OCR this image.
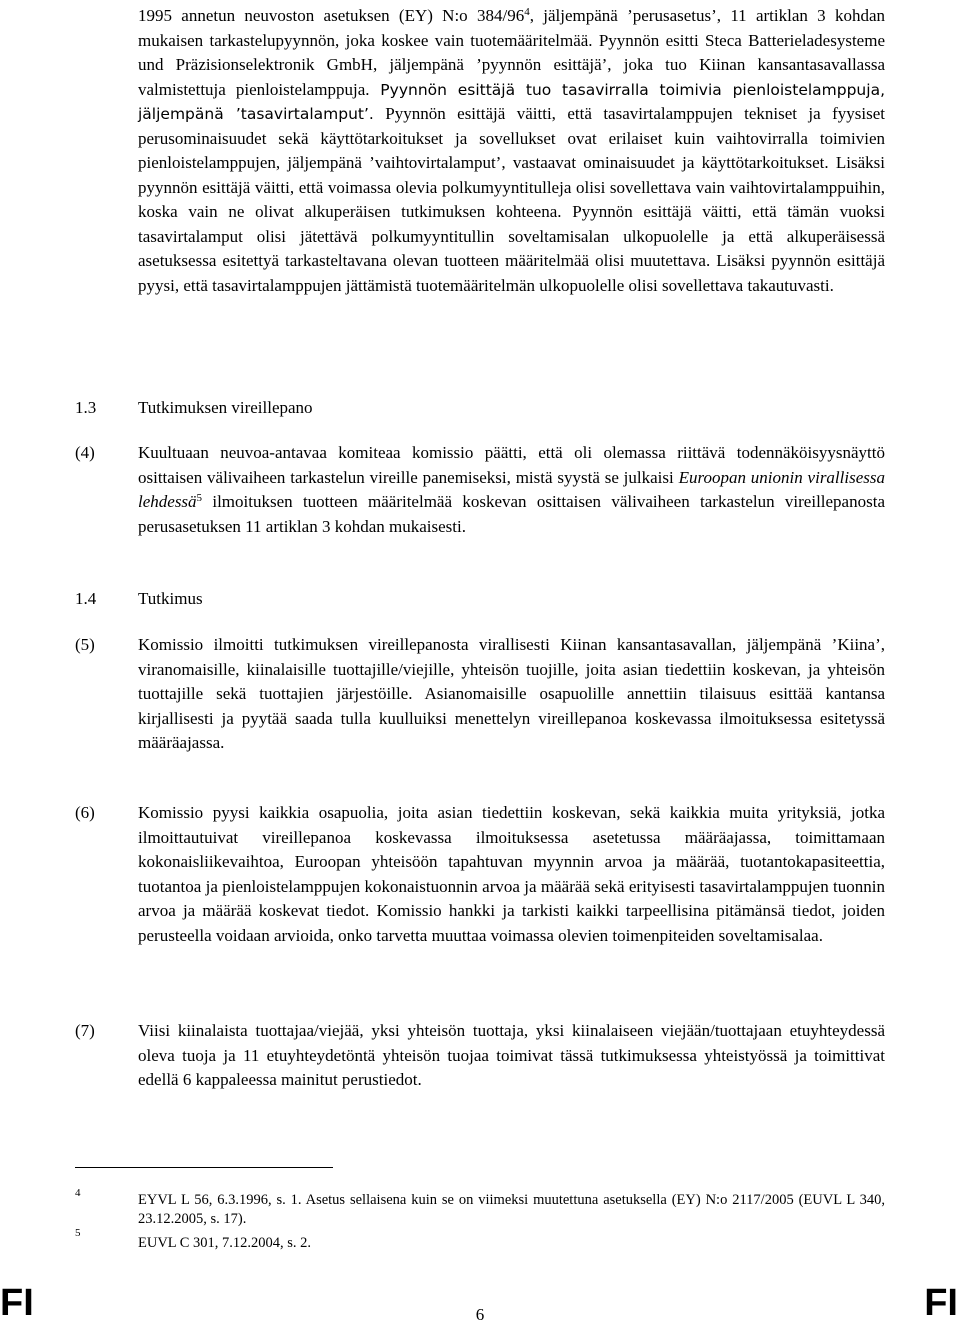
1995 annetun neuvoston asetuksen (EY) N:o $384/96^4$, jäljempänä ’perusasetus’, 11 artiklan 3 kohdan mukaisen tarkastelupyynnön, joka koskee vain tuotemääritelmää. Pyynnön esitti Steca Batterieladesysteme und Präzisionselektronik GmbH, jäljempänä ’pyynnön esittäjä’, joka tuo Kiinan kansantasavallassa valmistettuja pienloistelamppuja. Pyynnön esittäjä tuo tasavirralla toimivia pienloistelamppuja, jäljempänä ’tasavirtalamput’. Pyynnön esittäjä väitti, että tasavirtalamppujen tekniset ja fyysiset perusominaisuudet sekä käyttötarkoitukset ja sovellukset ovat erilaiset kuin vaihtovirralla toimivien pienloistelamppujen, jäljempänä ’vaihtovirtalamput’, vastaavat ominaisuudet ja käyttötarkoitukset. Lisäksi pyynnön esittäjä väitti, että voimassa olevia polkumyyntitulleja olisi sovellettava vain vaihtovirtalamppuihin, koska vain ne olivat alkuperäisen tutkimuksen kohteena. Pyynnön esittäjä väitti, että tämän vuoksi tasavirtalamput olisi jätettävä polkumyyntitullin soveltamisalan ulkopuolelle ja että alkuperäisessä asetuksessa esitettyä tarkasteltavana olevan tuotteen määritelmää olisi muutettava. Lisäksi pyynnön esittäjä pyysi, että tasavirtalamppujen jättämistä tuotemääritelmän ulkopuolelle olisi sovellettava takautuvasti.

1.3 Tutkimuksen vireillepano
(4)	Kuultuaan neuvoa-antavaa komiteaa komissio päätti, että oli olemassa riittävä todennäköisyysnäyttö osittaisen välivaiheen tarkastelun vireille panemiseksi, mistä syystä se julkaisi Euroopan unionin virallisessa lehdessä$^5$ ilmoituksen tuotteen määritelmää koskevan osittaisen välivaiheen tarkastelun vireillepanosta perusasetuksen 11 artiklan 3 kohdan mukaisesti.

1.4 Tutkimus
(5)	Komissio ilmoitti tutkimuksen vireillepanosta virallisesti Kiinan kansantasavallan, jäljempänä ’Kiina’, viranomaisille, kiinalaisille tuottajille/viejille, yhteisön tuojille, joita asian tiedettiin koskevan, ja yhteisön tuottajille sekä tuottajien järjestöille. Asianomaisille osapuolille annettiin tilaisuus esittää kantansa kirjallisesti ja pyytää saada tulla kuulluiksi menettelyn vireillepanoa koskevassa ilmoituksessa esitetyssä määräajassa.

(6)	Komissio pyysi kaikkia osapuolia, joita asian tiedettiin koskevan, sekä kaikkia muita yrityksiä, jotka ilmoittautuivat vireillepanoa koskevassa ilmoituksessa asetetussa määräajassa, toimittamaan kokonaisliikevaihtoa, Euroopan yhteisöön tapahtuvan myynnin arvoa ja määrää, tuotantokapasiteettia, tuotantoa ja pienloistelamppujen kokonaistuonnin arvoa ja määrää sekä erityisesti tasavirtalamppujen tuonnin arvoa ja määrää koskevat tiedot. Komissio hankki ja tarkisti kaikki tarpeellisina pitämänsä tiedot, joiden perusteella voidaan arvioida, onko tarvetta muuttaa voimassa olevien toimenpiteiden soveltamisalaa.

(7)	Viisi kiinalaista tuottajaa/viejää, yksi yhteisön tuottaja, yksi kiinalaiseen viejään/tuottajaan etuyhteydessä oleva tuoja ja 11 etuyhteydetöntä yhteisön tuojaa toimivat tässä tutkimuksessa yhteistyössä ja toimittivat edellä 6 kappaleessa mainitut perustiedot.

4	EYVL L 56, 6.3.1996, s. 1. Asetus sellaisena kuin se on viimeksi muutettuna asetuksella (EY) N:o 2117/2005 (EUVL L 340, 23.12.2005, s. 17).
5
EUVL C 301, 7.12.2004, s. 2.
FI	6	FI
